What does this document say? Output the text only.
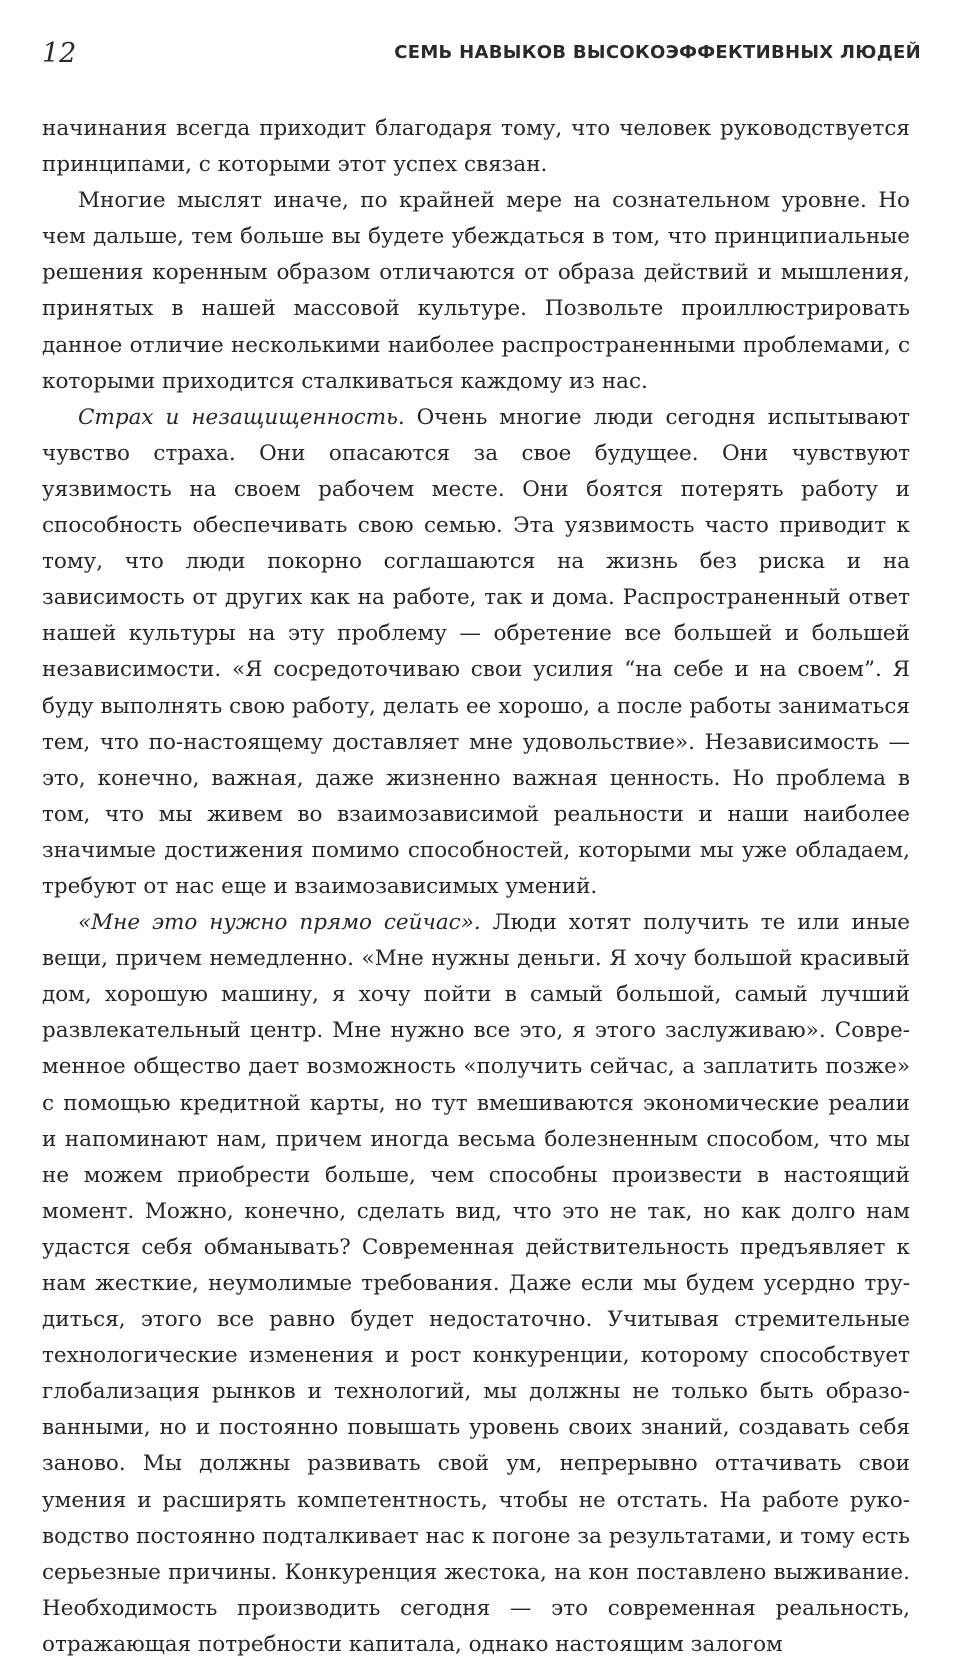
12	СЕМЬ НАВЫКОВ ВЫСОКОЭФФЕКТИВНЫХ ЛЮДЕЙ

начинания всегда приходит благодаря тому, что человек руководствуется принципами, с которыми этот успех связан.

Многие мыслят иначе, по крайней мере на сознательном уровне. Но чем дальше, тем больше вы будете убеждаться в том, что принципиальные решения коренным образом отличаются от образа действий и мышления, принятых в нашей массовой культуре. Позвольте проиллюстрировать данное отличие несколькими наиболее распространенными проблемами, с которыми приходится сталкиваться каждому из нас.

Страх и незащищенность. Очень многие люди сегодня испытывают чувство страха. Они опасаются за свое будущее. Они чувствуют уязвимость на своем рабочем месте. Они боятся потерять работу и способность обеспечивать свою семью. Эта уязвимость часто приводит к тому, что люди покорно соглашаются на жизнь без риска и на зависимость от других как на работе, так и дома. Распространенный ответ нашей культуры на эту проблему — обретение все большей и большей независимости. «Я сосредоточиваю свои усилия “на себе и на своем”. Я буду выполнять свою работу, делать ее хорошо, а после работы заниматься тем, что по-настоящему доставляет мне удовольствие». Независимость — это, конечно, важная, даже жизненно важная ценность. Но проблема в том, что мы живем во взаимозависимой реальности и наши наиболее значимые достижения помимо способностей, которыми мы уже обладаем, требуют от нас еще и взаимозависимых умений.

«Мне это нужно прямо сейчас». Люди хотят получить те или иные вещи, причем немедленно. «Мне нужны деньги. Я хочу большой красивый дом, хорошую машину, я хочу пойти в самый большой, самый лучший развлекательный центр. Мне нужно все это, я этого заслуживаю». Современное общество дает возможность «получить сейчас, а заплатить позже» с помощью кредитной карты, но тут вмешиваются экономические реалии и напоминают нам, причем иногда весьма болезненным способом, что мы не можем приобрести больше, чем способны произвести в настоящий момент. Можно, конечно, сделать вид, что это не так, но как долго нам удастся себя обманывать? Современная действительность предъявляет к нам жесткие, неумолимые требования. Даже если мы будем усердно трудиться, этого все равно будет недостаточно. Учитывая стремительные технологические изменения и рост конкуренции, которому способствует глобализация рынков и технологий, мы должны не только быть образованными, но и постоянно повышать уровень своих знаний, создавать себя заново. Мы должны развивать свой ум, непрерывно оттачивать свои умения и расширять компетентность, чтобы не отстать. На работе руководство постоянно подталкивает нас к погоне за результатами, и тому есть серьезные причины. Конкуренция жестока, на кон поставлено выживание. Необходимость производить сегодня — это современная реальность, отражающая потребности капитала, однако настоящим залогом
